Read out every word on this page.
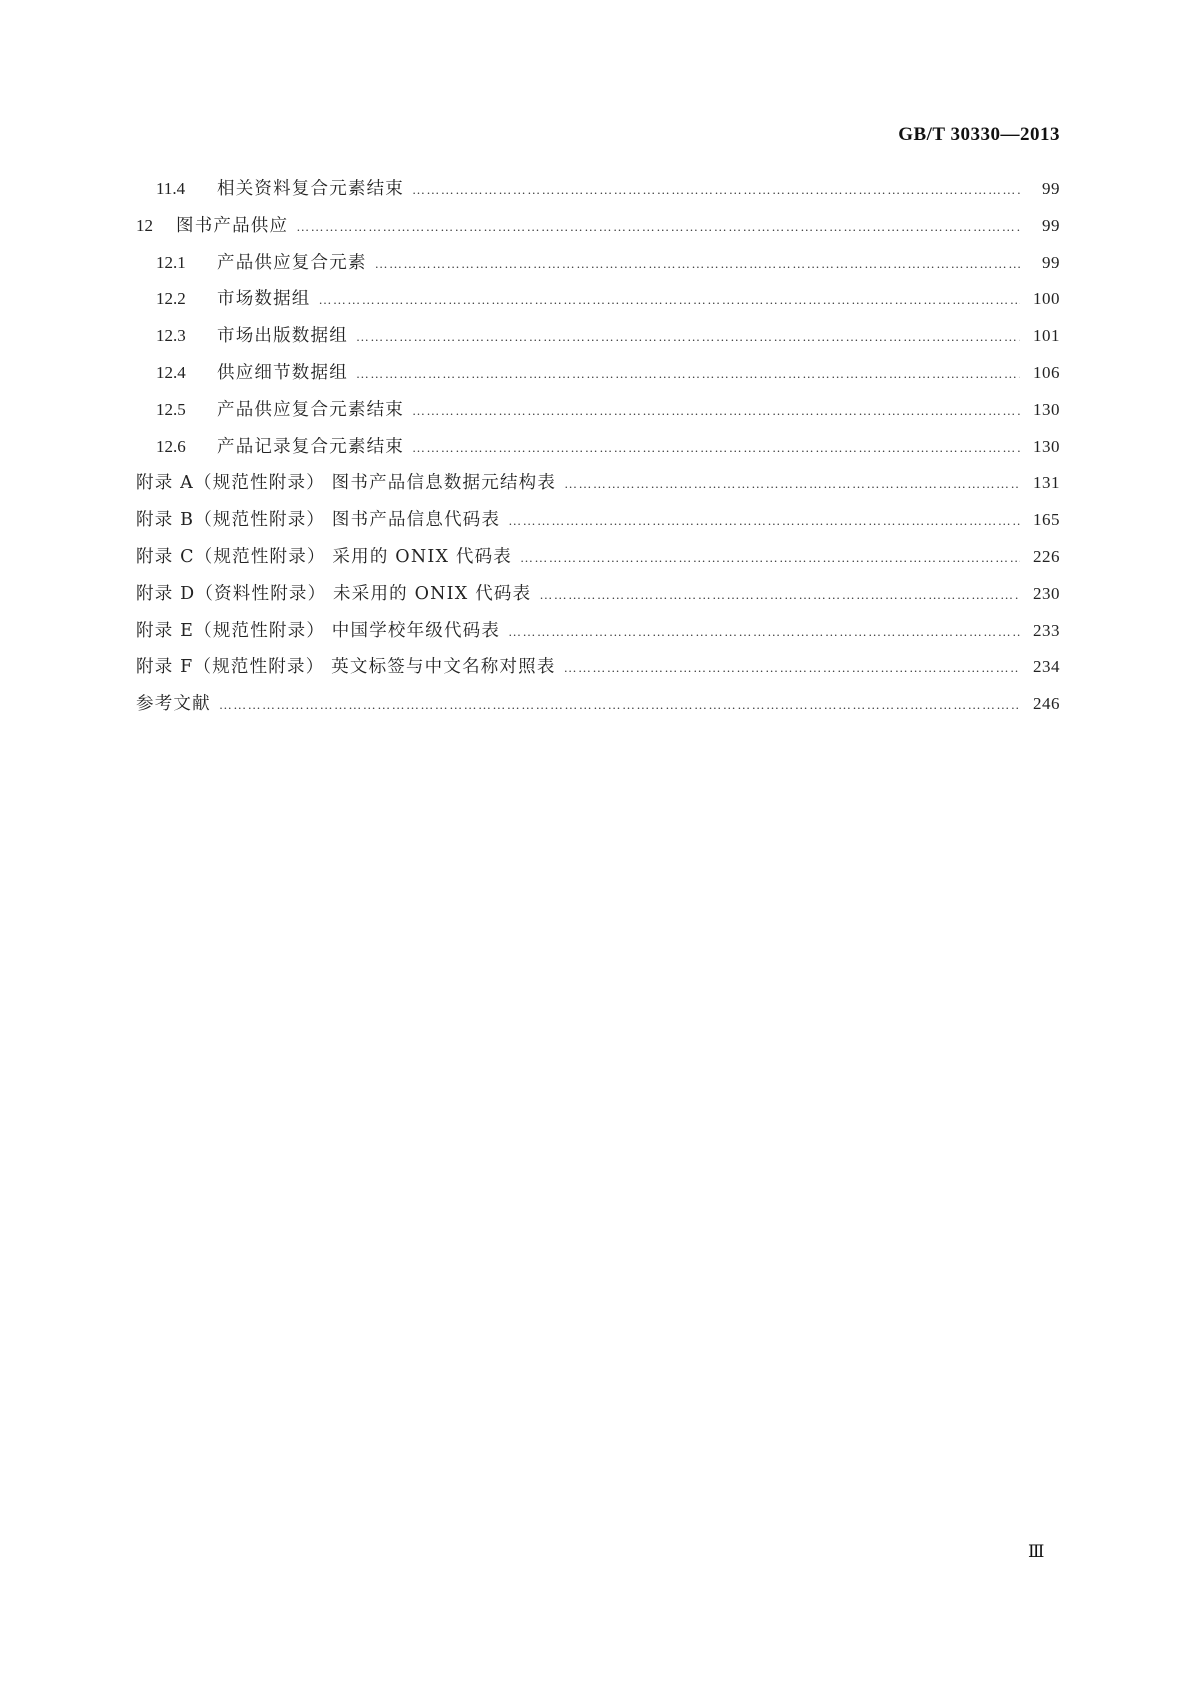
GB/T 30330—2013
11.4	相关资料复合元素结束 …………………………………………………………………………………………………………………………………………………………………………………………………………………	99
12	图书产品供应 …………………………………………………………………………………………………………………………………………………………………………………………………………………	99
12.1	产品供应复合元素 …………………………………………………………………………………………………………………………………………………………………………………………………………………	99
12.2	市场数据组 …………………………………………………………………………………………………………………………………………………………………………………………………………………	100
12.3	市场出版数据组 …………………………………………………………………………………………………………………………………………………………………………………………………………………	101
12.4	供应细节数据组 …………………………………………………………………………………………………………………………………………………………………………………………………………………	106
12.5	产品供应复合元素结束 …………………………………………………………………………………………………………………………………………………………………………………………………………………	130
12.6	产品记录复合元素结束 …………………………………………………………………………………………………………………………………………………………………………………………………………………	130
附录 A（规范性附录） 图书产品信息数据元结构表 …………………………………………………………………………………………………………………………………………………………………………………………………………………	131
附录 B（规范性附录） 图书产品信息代码表 …………………………………………………………………………………………………………………………………………………………………………………………………………………	165
附录 C（规范性附录） 采用的 ONIX 代码表 …………………………………………………………………………………………………………………………………………………………………………………………………………………	226
附录 D（资料性附录） 未采用的 ONIX 代码表 …………………………………………………………………………………………………………………………………………………………………………………………………………………	230
附录 E（规范性附录） 中国学校年级代码表 …………………………………………………………………………………………………………………………………………………………………………………………………………………	233
附录 F（规范性附录） 英文标签与中文名称对照表 …………………………………………………………………………………………………………………………………………………………………………………………………………………	234
参考文献 …………………………………………………………………………………………………………………………………………………………………………………………………………………	246
Ⅲ
